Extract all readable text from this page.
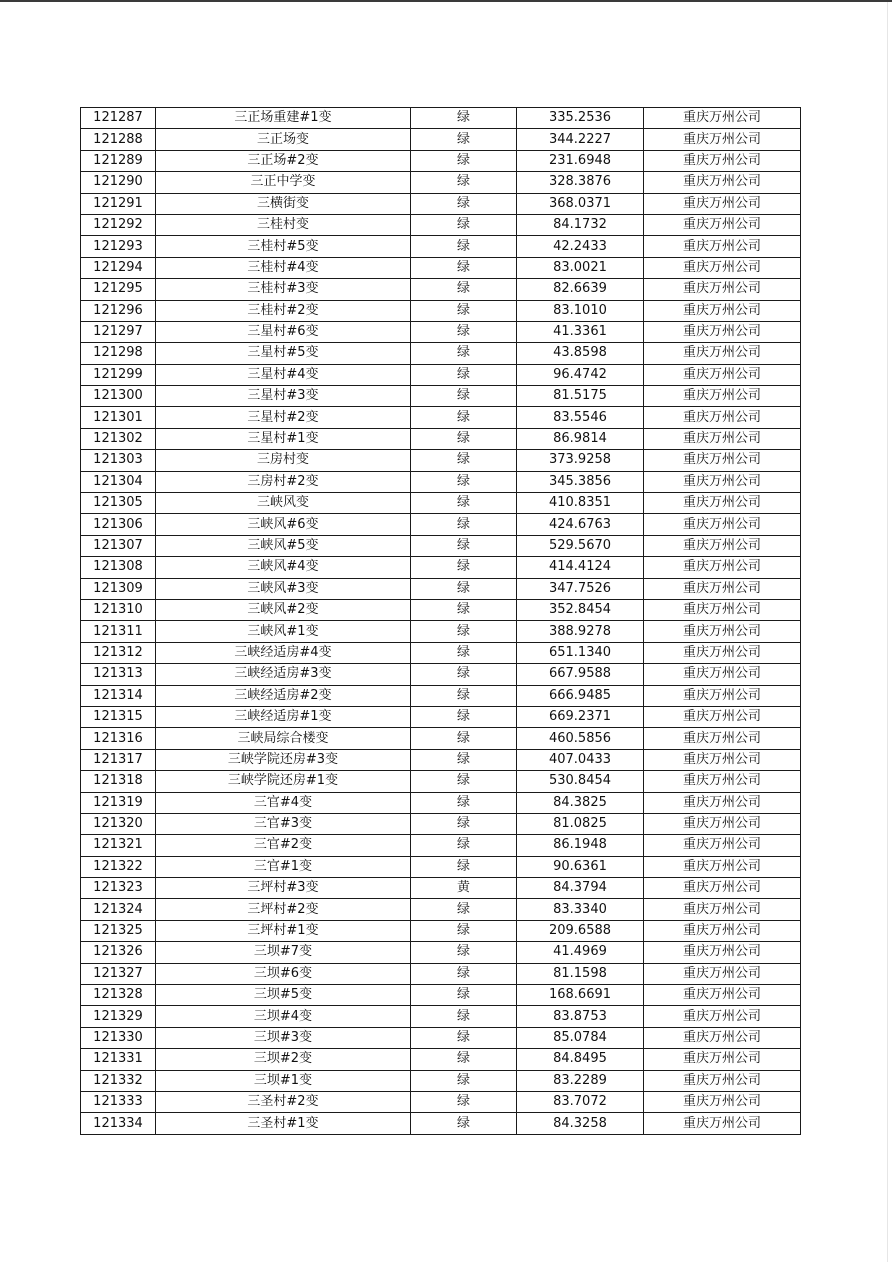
121287	三正场重建#1变	绿	335.2536	重庆万州公司
121288	三正场变	绿	344.2227	重庆万州公司
121289	三正场#2变	绿	231.6948	重庆万州公司
121290	三正中学变	绿	328.3876	重庆万州公司
121291	三横街变	绿	368.0371	重庆万州公司
121292	三桂村变	绿	84.1732	重庆万州公司
121293	三桂村#5变	绿	42.2433	重庆万州公司
121294	三桂村#4变	绿	83.0021	重庆万州公司
121295	三桂村#3变	绿	82.6639	重庆万州公司
121296	三桂村#2变	绿	83.1010	重庆万州公司
121297	三星村#6变	绿	41.3361	重庆万州公司
121298	三星村#5变	绿	43.8598	重庆万州公司
121299	三星村#4变	绿	96.4742	重庆万州公司
121300	三星村#3变	绿	81.5175	重庆万州公司
121301	三星村#2变	绿	83.5546	重庆万州公司
121302	三星村#1变	绿	86.9814	重庆万州公司
121303	三房村变	绿	373.9258	重庆万州公司
121304	三房村#2变	绿	345.3856	重庆万州公司
121305	三峡风变	绿	410.8351	重庆万州公司
121306	三峡风#6变	绿	424.6763	重庆万州公司
121307	三峡风#5变	绿	529.5670	重庆万州公司
121308	三峡风#4变	绿	414.4124	重庆万州公司
121309	三峡风#3变	绿	347.7526	重庆万州公司
121310	三峡风#2变	绿	352.8454	重庆万州公司
121311	三峡风#1变	绿	388.9278	重庆万州公司
121312	三峡经适房#4变	绿	651.1340	重庆万州公司
121313	三峡经适房#3变	绿	667.9588	重庆万州公司
121314	三峡经适房#2变	绿	666.9485	重庆万州公司
121315	三峡经适房#1变	绿	669.2371	重庆万州公司
121316	三峡局综合楼变	绿	460.5856	重庆万州公司
121317	三峡学院还房#3变	绿	407.0433	重庆万州公司
121318	三峡学院还房#1变	绿	530.8454	重庆万州公司
121319	三官#4变	绿	84.3825	重庆万州公司
121320	三官#3变	绿	81.0825	重庆万州公司
121321	三官#2变	绿	86.1948	重庆万州公司
121322	三官#1变	绿	90.6361	重庆万州公司
121323	三坪村#3变	黄	84.3794	重庆万州公司
121324	三坪村#2变	绿	83.3340	重庆万州公司
121325	三坪村#1变	绿	209.6588	重庆万州公司
121326	三坝#7变	绿	41.4969	重庆万州公司
121327	三坝#6变	绿	81.1598	重庆万州公司
121328	三坝#5变	绿	168.6691	重庆万州公司
121329	三坝#4变	绿	83.8753	重庆万州公司
121330	三坝#3变	绿	85.0784	重庆万州公司
121331	三坝#2变	绿	84.8495	重庆万州公司
121332	三坝#1变	绿	83.2289	重庆万州公司
121333	三圣村#2变	绿	83.7072	重庆万州公司
121334	三圣村#1变	绿	84.3258	重庆万州公司
